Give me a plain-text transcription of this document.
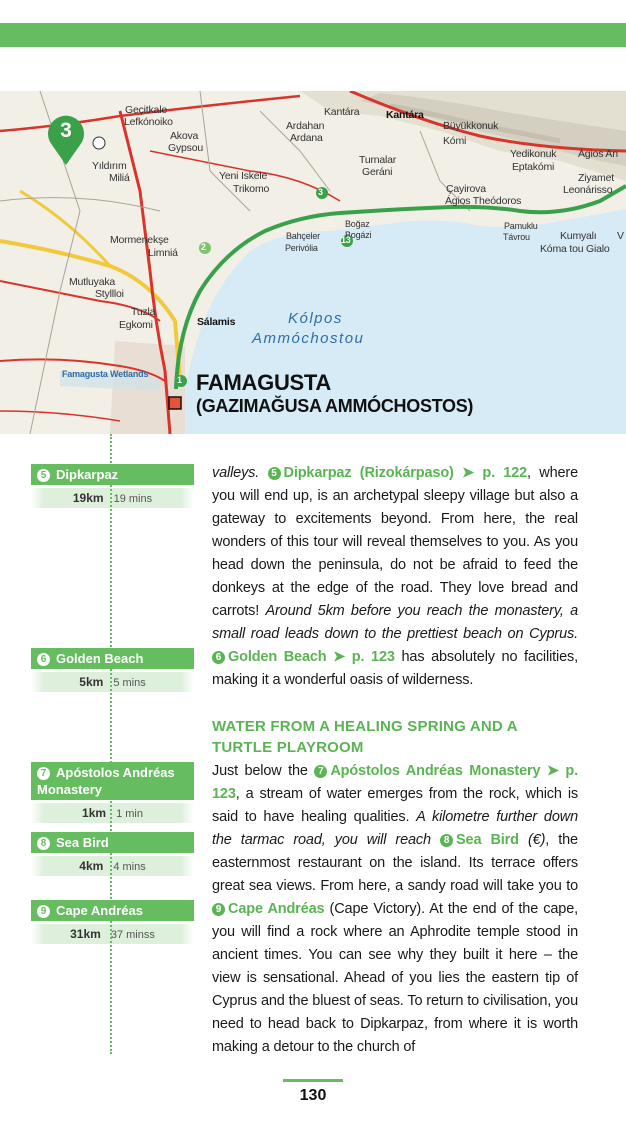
3
Geçitkale
Lefkónoiko
Akova
Gypsou
Yıldırım
Miliá
Mormenekşe
Limniá
Mutluyaka
Styllloi
Tuzla
Egkomi	Sálamis
Famagusta Wetlands
Yeni Iskele
Trikomo
Ardahan
Ardana
Kantára	Kantára
Turnalar
Geráni
Büyükkonuk
Kómi
Yedikonuk
Eptakómi
Ágios An
Ziyamet
Leonárisso
Çayirova
Ágios Theódoros
Boğaz
Bogázi
Bahçeler
Perivólia
Pamuklu
Távrou	Kumyalı
Kóma tou Gialo
V
1
2
3
13
Kólpos
Ammóchostou
FAMAGUSTA
(GAZIMAĞUSA AMMÓCHOSTOS)
5 Dipkarpaz
19km 19 mins
6 Golden Beach
5km 5 mins
7 Apóstolos Andréas Monastery
1km 1 min
8 Sea Bird
4km 4 mins
9 Cape Andréas
31km 37 minss
valleys. 5 Dipkarpaz (Rizokárpaso) ➤ p. 122, where you will end up, is an archetypal sleepy village but also a gateway to excitements beyond. From here, the real wonders of this tour will reveal themselves to you. As you head down the peninsula, do not be afraid to feed the donkeys at the edge of the road. They love bread and carrots! Around 5km before you reach the monastery, a small road leads down to the prettiest beach on Cyprus. 6 Golden Beach ➤ p. 123 has absolutely no facilities, making it a wonderful oasis of wilderness.
WATER FROM A HEALING SPRING AND A TURTLE PLAYROOM
Just below the 7 Apóstolos Andréas Monastery ➤ p. 123, a stream of water emerges from the rock, which is said to have healing qualities. A kilometre further down the tarmac road, you will reach 8 Sea Bird (€), the easternmost restaurant on the island. Its terrace offers great sea views. From here, a sandy road will take you to 9 Cape Andréas (Cape Victory). At the end of the cape, you will find a rock where an Aphrodite temple stood in ancient times. You can see why they built it here – the view is sensational. Ahead of you lies the eastern tip of Cyprus and the bluest of seas. To return to civilisation, you need to head back to Dipkarpaz, from where it is worth making a detour to the church of
130
